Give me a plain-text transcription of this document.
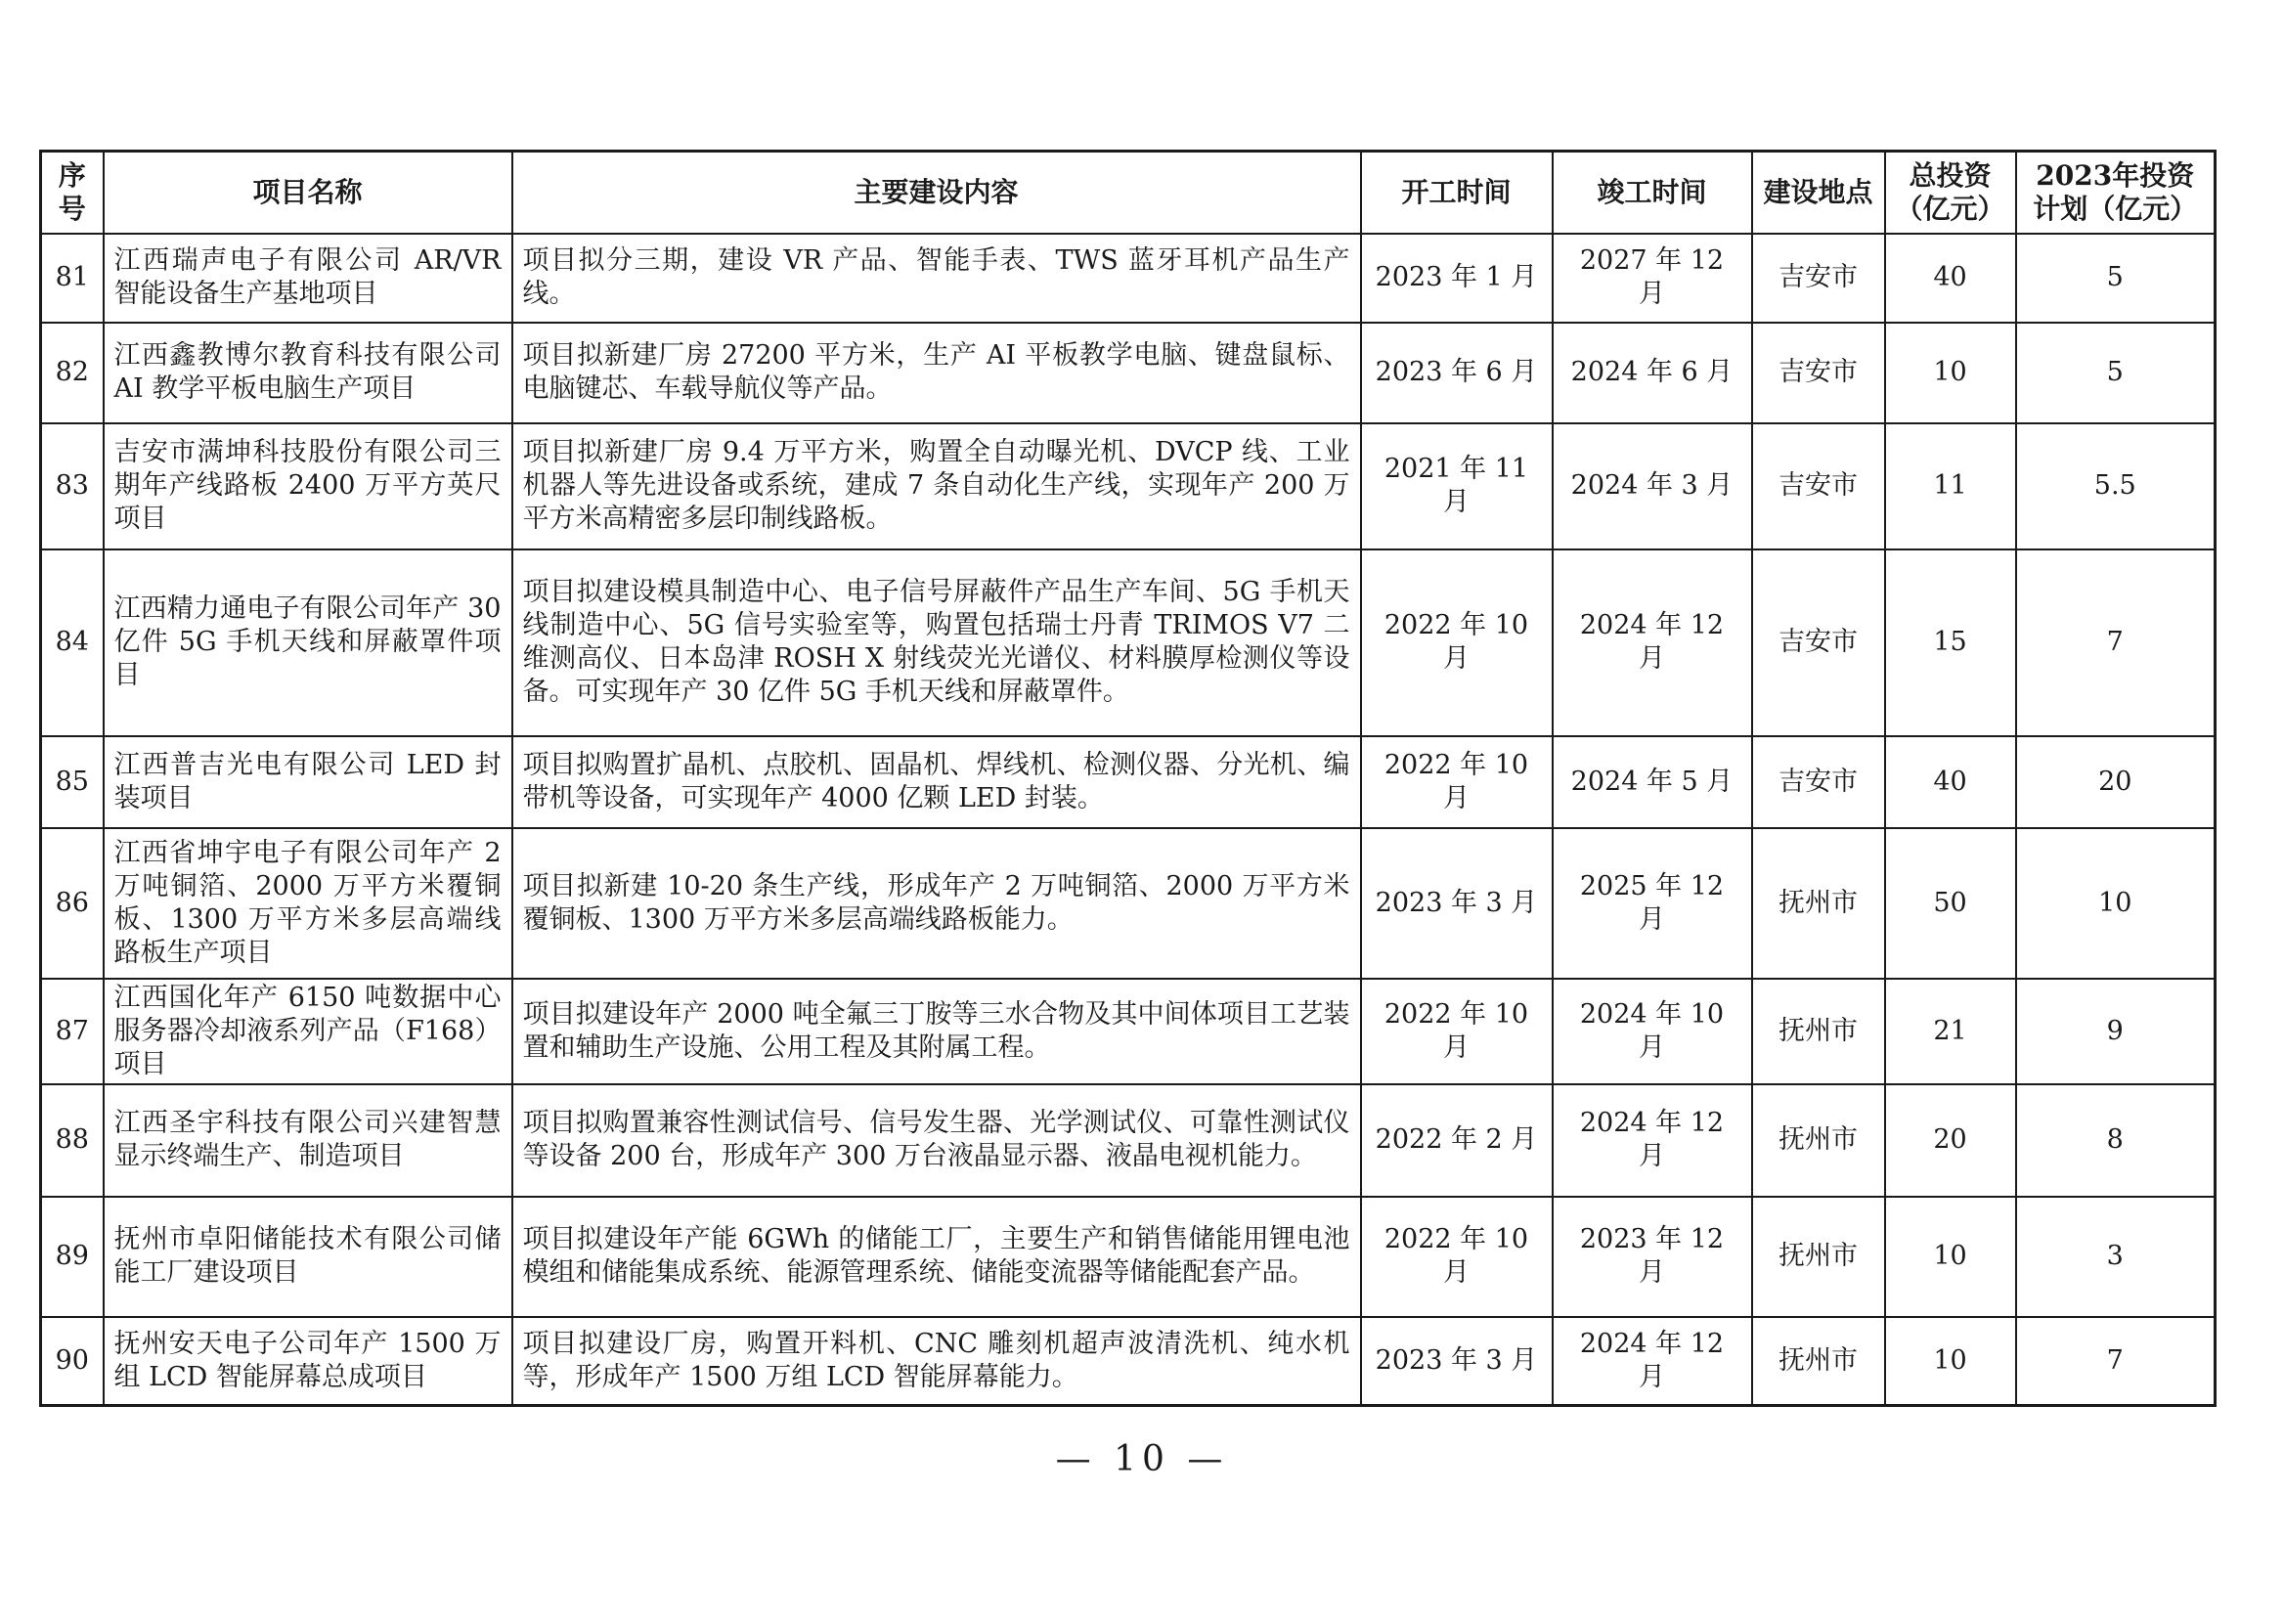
序号	项目名称	主要建设内容	开工时间	竣工时间	建设地点	总投资（亿元）	2023年投资计划（亿元）
81	江西瑞声电子有限公司 AR/VR 智能设备生产基地项目	项目拟分三期，建设 VR 产品、智能手表、TWS 蓝牙耳机产品生产线。	2023 年 1 月	2027 年 12 月	吉安市	40	5
82	江西鑫教博尔教育科技有限公司 AI 教学平板电脑生产项目	项目拟新建厂房 27200 平方米，生产 AI 平板教学电脑、键盘鼠标、电脑键芯、车载导航仪等产品。	2023 年 6 月	2024 年 6 月	吉安市	10	5
83	吉安市满坤科技股份有限公司三期年产线路板 2400 万平方英尺项目	项目拟新建厂房 9.4 万平方米，购置全自动曝光机、DVCP 线、工业机器人等先进设备或系统，建成 7 条自动化生产线，实现年产 200 万平方米高精密多层印制线路板。	2021 年 11 月	2024 年 3 月	吉安市	11	5.5
84	江西精力通电子有限公司年产 30 亿件 5G 手机天线和屏蔽罩件项目	项目拟建设模具制造中心、电子信号屏蔽件产品生产车间、5G 手机天线制造中心、5G 信号实验室等，购置包括瑞士丹青 TRIMOS V7 二维测高仪、日本岛津 ROSH X 射线荧光光谱仪、材料膜厚检测仪等设备。可实现年产 30 亿件 5G 手机天线和屏蔽罩件。	2022 年 10 月	2024 年 12 月	吉安市	15	7
85	江西普吉光电有限公司 LED 封装项目	项目拟购置扩晶机、点胶机、固晶机、焊线机、检测仪器、分光机、编带机等设备，可实现年产 4000 亿颗 LED 封装。	2022 年 10 月	2024 年 5 月	吉安市	40	20
86	江西省坤宇电子有限公司年产 2 万吨铜箔、2000 万平方米覆铜板、1300 万平方米多层高端线路板生产项目	项目拟新建 10-20 条生产线，形成年产 2 万吨铜箔、2000 万平方米覆铜板、1300 万平方米多层高端线路板能力。	2023 年 3 月	2025 年 12 月	抚州市	50	10
87	江西国化年产 6150 吨数据中心服务器冷却液系列产品（F168）项目	项目拟建设年产 2000 吨全氟三丁胺等三水合物及其中间体项目工艺装置和辅助生产设施、公用工程及其附属工程。	2022 年 10 月	2024 年 10 月	抚州市	21	9
88	江西圣宇科技有限公司兴建智慧显示终端生产、制造项目	项目拟购置兼容性测试信号、信号发生器、光学测试仪、可靠性测试仪等设备 200 台，形成年产 300 万台液晶显示器、液晶电视机能力。	2022 年 2 月	2024 年 12 月	抚州市	20	8
89	抚州市卓阳储能技术有限公司储能工厂建设项目	项目拟建设年产能 6GWh 的储能工厂，主要生产和销售储能用锂电池模组和储能集成系统、能源管理系统、储能变流器等储能配套产品。	2022 年 10 月	2023 年 12 月	抚州市	10	3
90	抚州安天电子公司年产 1500 万组 LCD 智能屏幕总成项目	项目拟建设厂房，购置开料机、CNC 雕刻机超声波清洗机、纯水机等，形成年产 1500 万组 LCD 智能屏幕能力。	2023 年 3 月	2024 年 12 月	抚州市	10	7
— 10 —
